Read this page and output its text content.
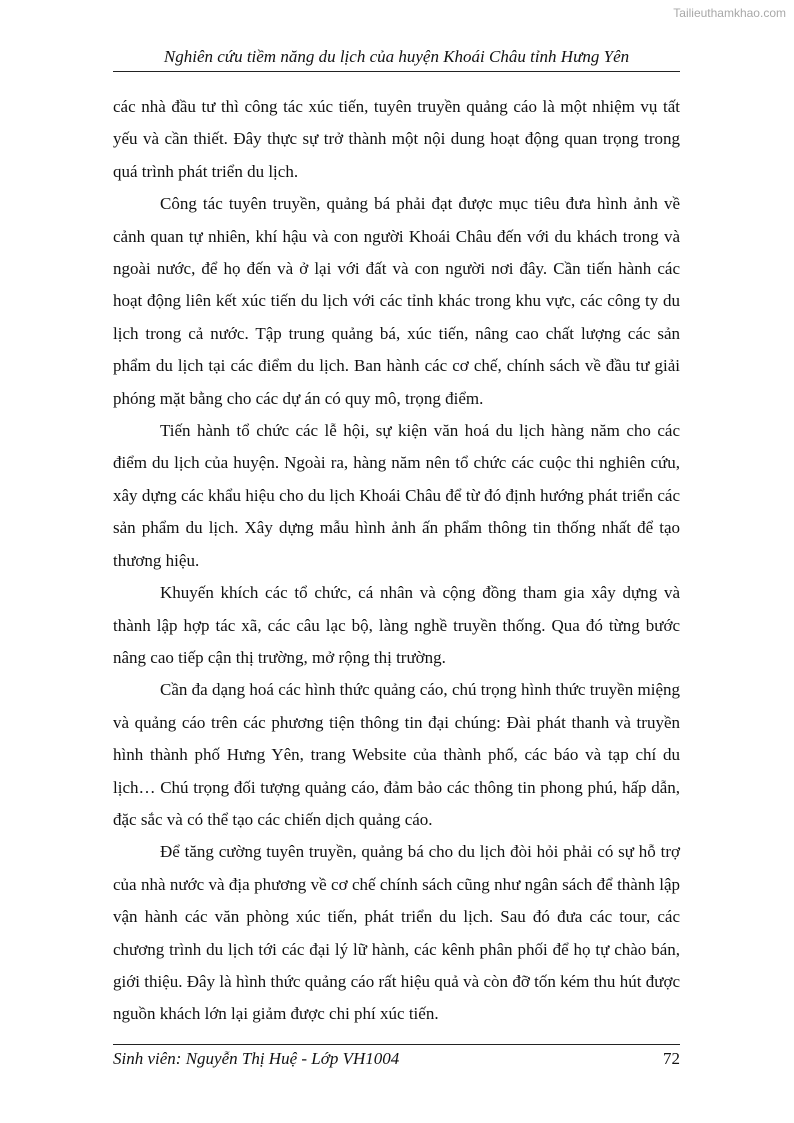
Tailieuthamkhao.com
Nghiên cứu tiềm năng du lịch của huyện Khoái Châu tỉnh Hưng Yên

các nhà đầu tư thì công tác xúc tiến, tuyên truyền quảng cáo là một nhiệm vụ tất yếu và cần thiết. Đây thực sự trở thành một nội dung hoạt động quan trọng trong quá trình phát triển du lịch.

Công tác tuyên truyền, quảng bá phải đạt được mục tiêu đưa hình ảnh về cảnh quan tự nhiên, khí hậu và con người Khoái Châu đến với du khách trong và ngoài nước, để họ đến và ở lại với đất và con người nơi đây. Cần tiến hành các hoạt động liên kết xúc tiến du lịch với các tỉnh khác trong khu vực, các công ty du lịch trong cả nước. Tập trung quảng bá, xúc tiến, nâng cao chất lượng các sản phẩm du lịch tại các điểm du lịch. Ban hành các cơ chế, chính sách về đầu tư giải phóng mặt bằng cho các dự án có quy mô, trọng điểm.

Tiến hành tổ chức các lễ hội, sự kiện văn hoá du lịch hàng năm cho các điểm du lịch của huyện. Ngoài ra, hàng năm nên tổ chức các cuộc thi nghiên cứu, xây dựng các khẩu hiệu cho du lịch Khoái Châu để từ đó định hướng phát triển các sản phẩm du lịch. Xây dựng mẫu hình ảnh ấn phẩm thông tin thống nhất để tạo thương hiệu.

Khuyến khích các tổ chức, cá nhân và cộng đồng tham gia xây dựng và thành lập hợp tác xã, các câu lạc bộ, làng nghề truyền thống. Qua đó từng bước nâng cao tiếp cận thị trường, mở rộng thị trường.

Cần đa dạng hoá các hình thức quảng cáo, chú trọng hình thức truyền miệng và quảng cáo trên các phương tiện thông tin đại chúng: Đài phát thanh và truyền hình thành phố Hưng Yên, trang Website của thành phố, các báo và tạp chí du lịch… Chú trọng đối tượng quảng cáo, đảm bảo các thông tin phong phú, hấp dẫn, đặc sắc và có thể tạo các chiến dịch quảng cáo.

Để tăng cường tuyên truyền, quảng bá cho du lịch đòi hỏi phải có sự hỗ trợ của nhà nước và địa phương về cơ chế chính sách cũng như ngân sách để thành lập vận hành các văn phòng xúc tiến, phát triển du lịch. Sau đó đưa các tour, các chương trình du lịch tới các đại lý lữ hành, các kênh phân phối để họ tự chào bán, giới thiệu. Đây là hình thức quảng cáo rất hiệu quả và còn đỡ tốn kém thu hút được nguồn khách lớn lại giảm được chi phí xúc tiến.

Sinh viên: Nguyễn Thị Huệ - Lớp VH1004	72
